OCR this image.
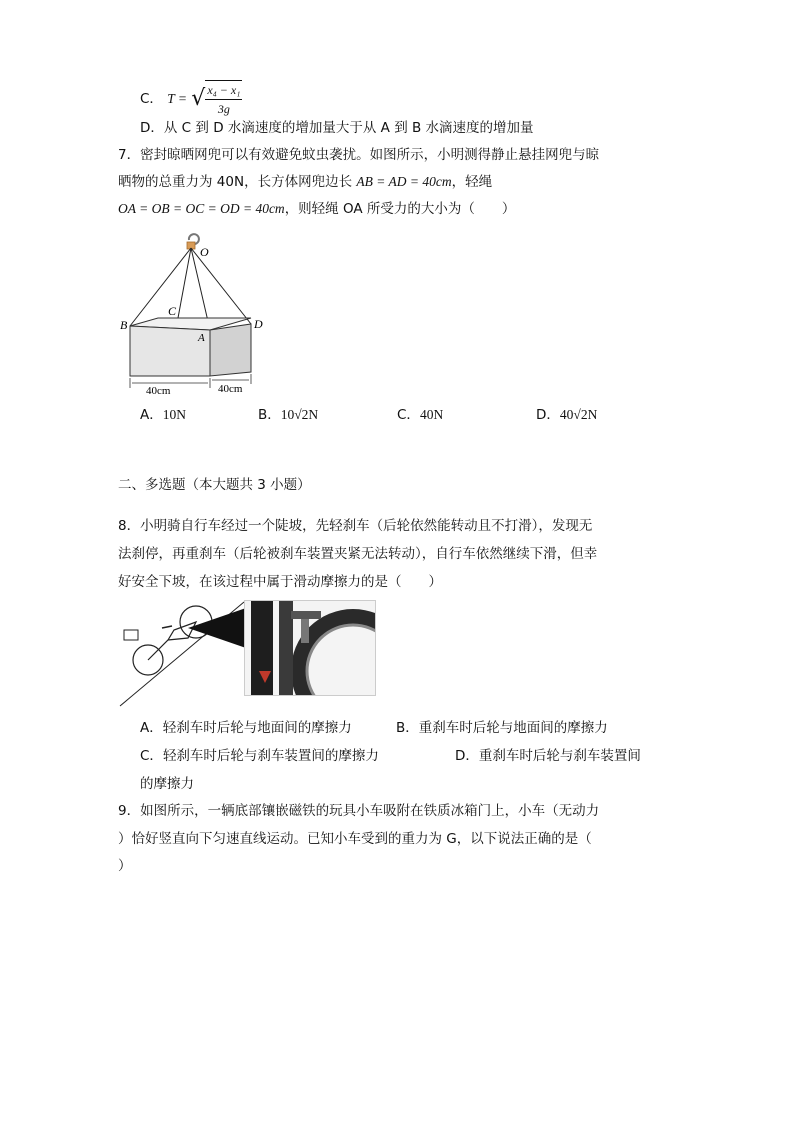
C． T = √ $\frac{\text{x₄ − x₁}}{3g}$
D．从 C 到 D 水滴速度的增加量大于从 A 到 B 水滴速度的增加量
7．密封晾晒网兜可以有效避免蚊虫袭扰。如图所示，小明测得静止悬挂网兜与晾
晒物的总重力为 40N，长方体网兜边长 AB = AD = 40cm，轻绳
OA = OB = OC = OD = 40cm，则轻绳 OA 所受力的大小为（　　）
O
B
C
A
D
40cm	40cm
A．10N	B．10√2N	C．40N	D．40√2N
二、多选题（本大题共 3 小题）
8．小明骑自行车经过一个陡坡，先轻刹车（后轮依然能转动且不打滑），发现无
法刹停，再重刹车（后轮被刹车装置夹紧无法转动），自行车依然继续下滑，但幸
好安全下坡，在该过程中属于滑动摩擦力的是（　　）
A．轻刹车时后轮与地面间的摩擦力	B．重刹车时后轮与地面间的摩擦力
C．轻刹车时后轮与刹车装置间的摩擦力	D．重刹车时后轮与刹车装置间
的摩擦力
9．如图所示，一辆底部镶嵌磁铁的玩具小车吸附在铁质冰箱门上，小车（无动力
）恰好竖直向下匀速直线运动。已知小车受到的重力为 G，以下说法正确的是（
）
